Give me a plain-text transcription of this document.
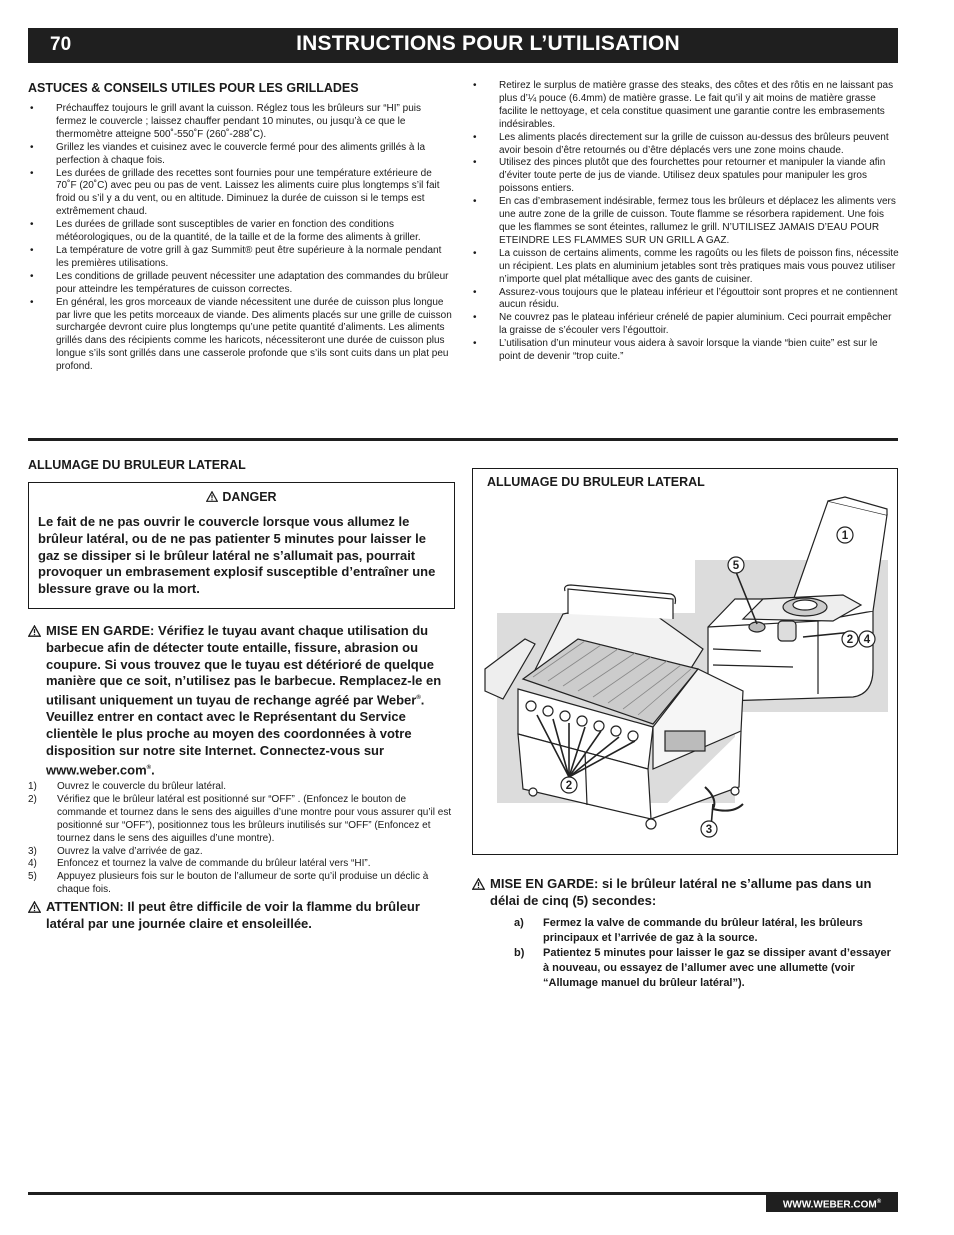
70	INSTRUCTIONS POUR L’UTILISATION
ASTUCES & CONSEILS UTILES POUR LES GRILLADES
• Préchauffez toujours le grill avant la cuisson. Réglez tous les brûleurs sur “HI” puis fermez le couvercle ; laissez chauffer pendant 10 minutes, ou jusqu’à ce que le thermomètre atteigne 500˚-550˚F (260˚-288˚C).
• Grillez les viandes et cuisinez avec le couvercle fermé pour des aliments grillés à la perfection à chaque fois.
• Les durées de grillade des recettes sont fournies pour une température extérieure de 70˚F (20˚C) avec peu ou pas de vent. Laissez les aliments cuire plus longtemps s’il fait froid ou s’il y a du vent, ou en altitude. Diminuez la durée de cuisson si le temps est extrêmement chaud.
• Les durées de grillade sont susceptibles de varier en fonction des conditions météorologiques, ou de la quantité, de la taille et de la forme des aliments à griller.
• La température de votre grill à gaz Summit® peut être supérieure à la normale pendant les premières utilisations.
• Les conditions de grillade peuvent nécessiter une adaptation des commandes du brûleur pour atteindre les températures de cuisson correctes.
• En général, les gros morceaux de viande nécessitent une durée de cuisson plus longue par livre que les petits morceaux de viande. Des aliments placés sur une grille de cuisson surchargée devront cuire plus longtemps qu’une petite quantité d’aliments. Les aliments grillés dans des récipients comme les haricots, nécessiteront une durée de cuisson plus longue s’ils sont grillés dans une casserole profonde que s’ils sont cuits dans un plat peu profond.
• Retirez le surplus de matière grasse des steaks, des côtes et des rôtis en ne laissant pas plus d’¼ pouce (6.4mm) de matière grasse. Le fait qu’il y ait moins de matière grasse facilite le nettoyage, et cela constitue quasiment une garantie contre les embrasements indésirables.
• Les aliments placés directement sur la grille de cuisson au-dessus des brûleurs peuvent avoir besoin d’être retournés ou d’être déplacés vers une zone moins chaude.
• Utilisez des pinces plutôt que des fourchettes pour retourner et manipuler la viande afin d’éviter toute perte de jus de viande. Utilisez deux spatules pour manipuler les gros poissons entiers.
• En cas d’embrasement indésirable, fermez tous les brûleurs et déplacez les aliments vers une autre zone de la grille de cuisson. Toute flamme se résorbera rapidement. Une fois que les flammes se sont éteintes, rallumez le grill. N’UTILISEZ JAMAIS D’EAU POUR ETEINDRE LES FLAMMES SUR UN GRILL A GAZ.
• La cuisson de certains aliments, comme les ragoûts ou les filets de poisson fins, nécessite un récipient. Les plats en aluminium jetables sont très pratiques mais vous pouvez utiliser n’importe quel plat métallique avec des gants de cuisiner.
• Assurez-vous toujours que le plateau inférieur et l’égouttoir sont propres et ne contiennent aucun résidu.
• Ne couvrez pas le plateau inférieur crénelé de papier aluminium. Ceci pourrait empêcher la graisse de s’écouler vers l’égouttoir.
• L’utilisation d’un minuteur vous aidera à savoir lorsque la viande “bien cuite” est sur le point de devenir “trop cuite.”
ALLUMAGE DU BRULEUR LATERAL
DANGER
Le fait de ne pas ouvrir le couvercle lorsque vous allumez le brûleur latéral, ou de ne pas patienter 5 minutes pour laisser le gaz se dissiper si le brûleur latéral ne s’allumait pas, pourrait provoquer un embrasement explosif susceptible d’entraîner une blessure grave ou la mort.
MISE EN GARDE: Vérifiez le tuyau avant chaque utilisation du barbecue afin de détecter toute entaille, fissure, abrasion ou coupure. Si vous trouvez que le tuyau est détérioré de quelque manière que ce soit, n’utilisez pas le barbecue. Remplacez-le en utilisant uniquement un tuyau de rechange agréé par Weber®. Veuillez entrer en contact avec le Représentant du Service clientèle le plus proche au moyen des coordonnées à votre disposition sur notre site Internet. Connectez-vous sur www.weber.com®.
1) Ouvrez le couvercle du brûleur latéral.
2) Vérifiez que le brûleur latéral est positionné sur “OFF” . (Enfoncez le bouton de commande et tournez dans le sens des aiguilles d’une montre pour vous assurer qu’il est positionné sur “OFF”), positionnez tous les brûleurs inutilisés sur “OFF” (Enfoncez et tournez dans le sens des aiguilles d’une montre).
3) Ouvrez la valve d’arrivée de gaz.
4) Enfoncez et tournez la valve de commande du brûleur latéral vers “HI”.
5) Appuyez plusieurs fois sur le bouton de l’allumeur de sorte qu’il produise un déclic à chaque fois.
ATTENTION: Il peut être difficile de voir la flamme du brûleur latéral par une journée claire et ensoleillée.
1
5
2 4
2
3
ALLUMAGE DU BRULEUR LATERAL
MISE EN GARDE: si le brûleur latéral ne s’allume pas dans un délai de cinq (5) secondes:
a) Fermez la valve de commande du brûleur latéral, les brûleurs principaux et l’arrivée de gaz à la source.
b) Patientez 5 minutes pour laisser le gaz se dissiper avant d’essayer à nouveau, ou essayez de l’allumer avec une allumette (voir “Allumage manuel du brûleur latéral”).
WWW.WEBER.COM®
